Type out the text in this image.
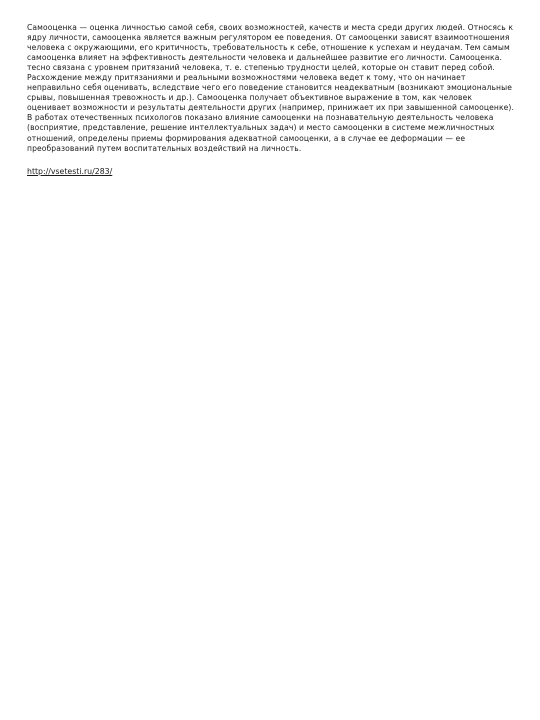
Самооценка — оценка личностью самой себя, своих возможностей, качеств и места среди других людей. Относясь к ядру личности, самооценка является важным регулятором ее поведения. От самооценки зависят взаимоотношения человека с окружающими, его критичность, требовательность к себе, отношение к успехам и неудачам. Тем самым самооценка влияет на эффективность деятельности человека и дальнейшее развитие его личности. Самооценка. тесно связана с уровнем притязаний человека, т. е. степенью трудности целей, которые он ставит перед собой. Расхождение между притязаниями и реальными возможностями человека ведет к тому, что он начинает неправильно себя оценивать, вследствие чего его поведение становится неадекватным (возникают эмоциональные срывы, повышенная тревожность и др.). Самооценка получает объективное выражение в том, как человек оценивает возможности и результаты деятельности других (например, принижает их при завышенной самооценке). В работах отечественных психологов показано влияние самооценки на познавательную деятельность человека (восприятие, представление, решение интеллектуальных задач) и место самооценки в системе межличностных отношений, определены приемы формирования адекватной самооценки, а в случае ее деформации — ее преобразований путем воспитательных воздействий на личность.

http://vsetesti.ru/283/
